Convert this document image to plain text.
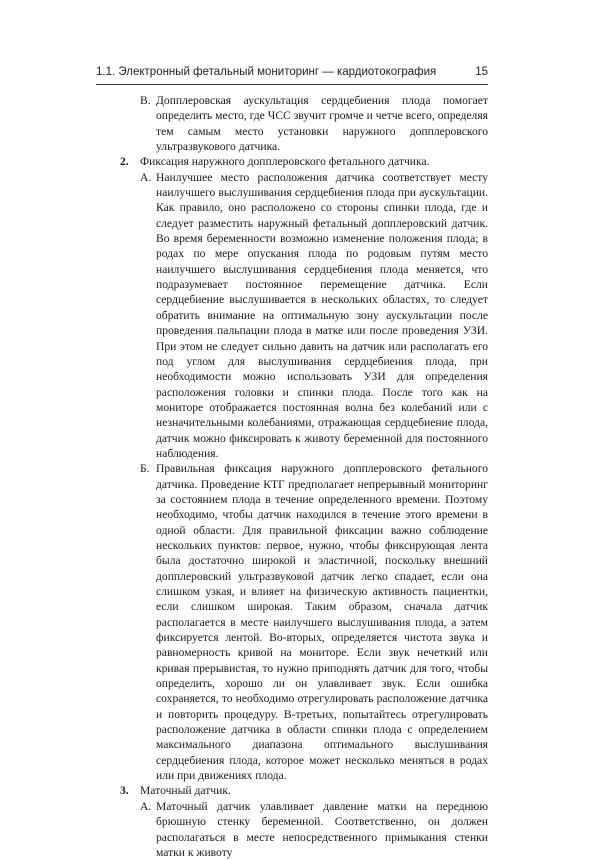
1.1. Электронный фетальный мониторинг — кардиотокография	15
В. Допплеровская аускультация сердцебиения плода помогает определить место, где ЧСС звучит громче и четче всего, определяя тем самым место установки наружного допплеровского ультразвукового датчика.
2. Фиксация наружного допплеровского фетального датчика.
А. Наилучшее место расположения датчика соответствует месту наилучшего выслушивания сердцебиения плода при аускультации. Как правило, оно расположено со стороны спинки плода, где и следует разместить наружный фетальный допплеровский датчик. Во время беременности возможно изменение положения плода; в родах по мере опускания плода по родовым путям место наилучшего выслушивания сердцебиения плода меняется, что подразумевает постоянное перемещение датчика. Если сердцебиение выслушивается в нескольких областях, то следует обратить внимание на оптимальную зону аускультации после проведения пальпации плода в матке или после проведения УЗИ. При этом не следует сильно давить на датчик или располагать его под углом для выслушивания сердцебиения плода, при необходимости можно использовать УЗИ для определения расположения головки и спинки плода. После того как на мониторе отображается постоянная волна без колебаний или с незначительными колебаниями, отражающая сердцебиение плода, датчик можно фиксировать к животу беременной для постоянного наблюдения.
Б. Правильная фиксация наружного допплеровского фетального датчика. Проведение КТГ предполагает непрерывный мониторинг за состоянием плода в течение определенного времени. Поэтому необходимо, чтобы датчик находился в течение этого времени в одной области. Для правильной фиксации важно соблюдение нескольких пунктов: первое, нужно, чтобы фиксирующая лента была достаточно широкой и эластичной, поскольку внешний допплеровский ультразвуковой датчик легко спадает, если она слишком узкая, и влияет на физическую активность пациентки, если слишком широкая. Таким образом, сначала датчик располагается в месте наилучшего выслушивания плода, а затем фиксируется лентой. Во-вторых, определяется чистота звука и равномерность кривой на мониторе. Если звук нечеткий или кривая прерывистая, то нужно приподнять датчик для того, чтобы определить, хорошо ли он улавливает звук. Если ошибка сохраняется, то необходимо отрегулировать расположение датчика и повторить процедуру. В-третьих, попытайтесь отрегулировать расположение датчика в области спинки плода с определением максимального диапазона оптимального выслушивания сердцебиения плода, которое может несколько меняться в родах или при движениях плода.
3. Маточный датчик.
А. Маточный датчик улавливает давление матки на переднюю брюшную стенку беременной. Соответственно, он должен располагаться в месте непосредственного примыкания стенки матки к животу
